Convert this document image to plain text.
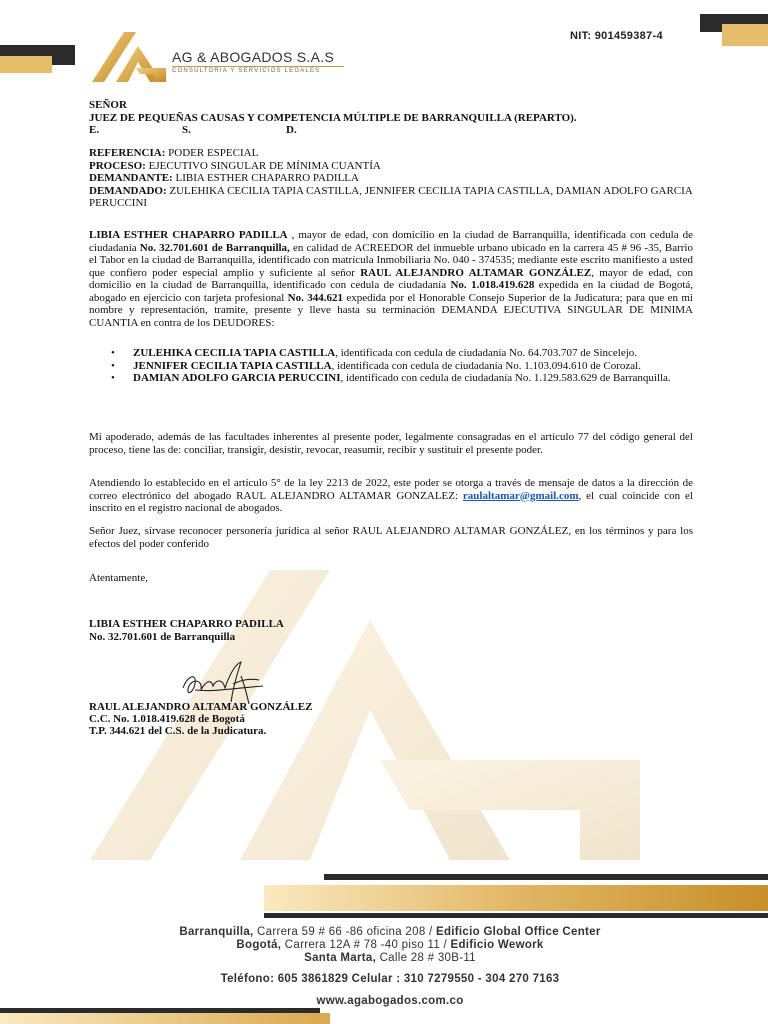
NIT: 901459387-4
AG & ABOGADOS S.A.S
CONSULTORIA Y SERVICIOS LEGALES
SEÑOR
JUEZ DE PEQUEÑAS CAUSAS Y COMPETENCIA MÚLTIPLE DE BARRANQUILLA (REPARTO).
E.	S.	D.
REFERENCIA: PODER ESPECIAL
PROCESO: EJECUTIVO SINGULAR DE MÍNIMA CUANTÍA
DEMANDANTE: LIBIA ESTHER CHAPARRO PADILLA
DEMANDADO: ZULEHIKA CECILIA TAPIA CASTILLA, JENNIFER CECILIA TAPIA CASTILLA, DAMIAN ADOLFO GARCIA PERUCCINI
LIBIA ESTHER CHAPARRO PADILLA , mayor de edad, con domicilio en la ciudad de Barranquilla, identificada con cedula de ciudadanía No. 32.701.601 de Barranquilla, en calidad de ACREEDOR del inmueble urbano ubicado en la carrera 45 # 96 -35, Barrio el Tabor en la ciudad de Barranquilla, identificado con matrícula Inmobiliaria No. 040 - 374535; mediante este escrito manifiesto a usted que confiero poder especial amplio y suficiente al señor RAUL ALEJANDRO ALTAMAR GONZÁLEZ, mayor de edad, con domicilio en la ciudad de Barranquilla, identificado con cedula de ciudadanía No. 1.018.419.628 expedida en la ciudad de Bogotá, abogado en ejercicio con tarjeta profesional No. 344.621 expedida por el Honorable Consejo Superior de la Judicatura; para que en mi nombre y representación, tramite, presente y lleve hasta su terminación DEMANDA EJECUTIVA SINGULAR DE MINIMA CUANTIA en contra de los DEUDORES:
• ZULEHIKA CECILIA TAPIA CASTILLA, identificada con cedula de ciudadanía No. 64.703.707 de Sincelejo.
• JENNIFER CECILIA TAPIA CASTILLA, identificada con cedula de ciudadanía No. 1.103.094.610 de Corozal.
• DAMIAN ADOLFO GARCIA PERUCCINI, identificado con cedula de ciudadanía No. 1.129.583.629 de Barranquilla.
Mi apoderado, además de las facultades inherentes al presente poder, legalmente consagradas en el artículo 77 del código general del proceso, tiene las de: conciliar, transigir, desistir, revocar, reasumir, recibir y sustituir el presente poder.
Atendiendo lo establecido en el artículo 5° de la ley 2213 de 2022, este poder se otorga a través de mensaje de datos a la dirección de correo electrónico del abogado RAUL ALEJANDRO ALTAMAR GONZALEZ: raulaltamar@gmail.com, el cual coincide con el inscrito en el registro nacional de abogados.
Señor Juez, sírvase reconocer personería jurídica al señor RAUL ALEJANDRO ALTAMAR GONZÁLEZ, en los términos y para los efectos del poder conferido
Atentamente,
LIBIA ESTHER CHAPARRO PADILLA
No. 32.701.601 de Barranquilla
RAUL ALEJANDRO ALTAMAR GONZÁLEZ
C.C. No. 1.018.419.628 de Bogotá
T.P. 344.621 del C.S. de la Judicatura.
Barranquilla, Carrera 59 # 66 -86 oficina 208 / Edificio Global Office Center
Bogotá, Carrera 12A # 78 -40 piso 11 / Edificio Wework
Santa Marta, Calle 28 # 30B-11
Teléfono: 605 3861829 Celular : 310 7279550 - 304 270 7163
www.agabogados.com.co
